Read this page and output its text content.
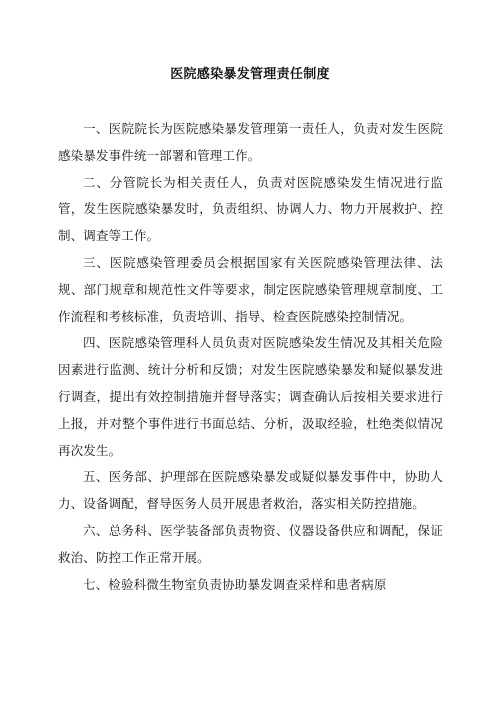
医院感染暴发管理责任制度

一、医院院长为医院感染暴发管理第一责任人，负责对发生医院感染暴发事件统一部署和管理工作。

二、分管院长为相关责任人，负责对医院感染发生情况进行监管，发生医院感染暴发时，负责组织、协调人力、物力开展救护、控制、调查等工作。

三、医院感染管理委员会根据国家有关医院感染管理法律、法规、部门规章和规范性文件等要求，制定医院感染管理规章制度、工作流程和考核标准，负责培训、指导、检查医院感染控制情况。

四、医院感染管理科人员负责对医院感染发生情况及其相关危险因素进行监测、统计分析和反馈；对发生医院感染暴发和疑似暴发进行调查，提出有效控制措施并督导落实；调查确认后按相关要求进行上报，并对整个事件进行书面总结、分析，汲取经验，杜绝类似情况再次发生。

五、医务部、护理部在医院感染暴发或疑似暴发事件中，协助人力、设备调配，督导医务人员开展患者救治，落实相关防控措施。

六、总务科、医学装备部负责物资、仪器设备供应和调配，保证救治、防控工作正常开展。

七、检验科微生物室负责协助暴发调查采样和患者病原
